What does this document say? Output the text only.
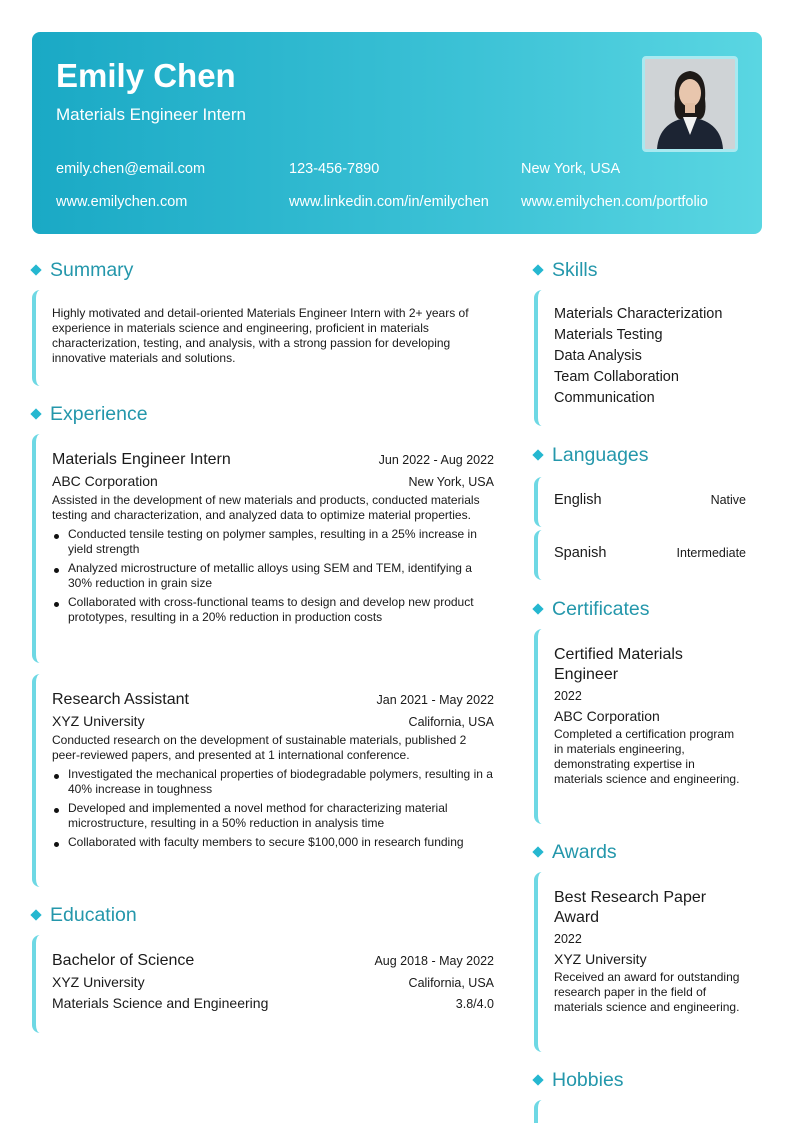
Emily Chen
Materials Engineer Intern
emily.chen@email.com	123-456-7890	New York, USA
www.emilychen.com	www.linkedin.com/in/emilychen www.emilychen.com/portfolio
Summary
Highly motivated and detail-oriented Materials Engineer Intern with 2+ years of experience in materials science and engineering, proficient in materials characterization, testing, and analysis, with a strong passion for developing innovative materials and solutions.
Experience
Materials Engineer Intern	Jun 2022 - Aug 2022
ABC Corporation	New York, USA
Assisted in the development of new materials and products, conducted materials testing and characterization, and analyzed data to optimize material properties.
Conducted tensile testing on polymer samples, resulting in a 25% increase in yield strength
Analyzed microstructure of metallic alloys using SEM and TEM, identifying a 30% reduction in grain size
Collaborated with cross-functional teams to design and develop new product prototypes, resulting in a 20% reduction in production costs
Research Assistant	Jan 2021 - May 2022
XYZ University	California, USA
Conducted research on the development of sustainable materials, published 2 peer-reviewed papers, and presented at 1 international conference.
Investigated the mechanical properties of biodegradable polymers, resulting in a 40% increase in toughness
Developed and implemented a novel method for characterizing material microstructure, resulting in a 50% reduction in analysis time
Collaborated with faculty members to secure $100,000 in research funding
Education
Bachelor of Science	Aug 2018 - May 2022
XYZ University	California, USA
Materials Science and Engineering	3.8/4.0
Skills
Materials Characterization
Materials Testing
Data Analysis
Team Collaboration
Communication
Languages
English	Native
Spanish	Intermediate
Certificates
Certified Materials Engineer
2022
ABC Corporation
Completed a certification program in materials engineering, demonstrating expertise in materials science and engineering.
Awards
Best Research Paper Award
2022
XYZ University
Received an award for outstanding research paper in the field of materials science and engineering.
Hobbies
